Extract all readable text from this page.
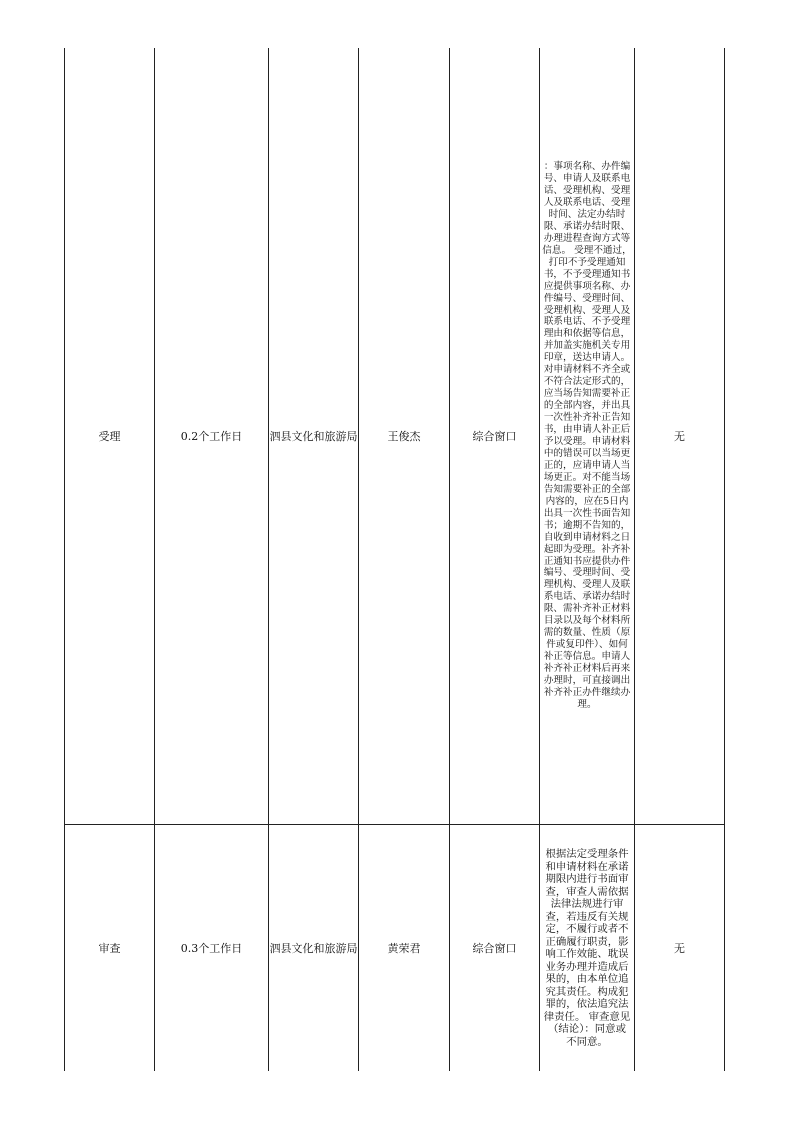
受理	0.2个工作日	泗县文化和旅游局	王俊杰	综合窗口	：事项名称、办件编号、申请人及联系电话、受理机构、受理人及联系电话、受理时间、法定办结时限、承诺办结时限、办理进程查询方式等信息。 受理不通过，打印不予受理通知书，不予受理通知书应提供事项名称、办件编号、受理时间、受理机构、受理人及联系电话、不予受理理由和依据等信息，并加盖实施机关专用印章，送达申请人。 对申请材料不齐全或不符合法定形式的，应当场告知需要补正的全部内容，并出具一次性补齐补正告知书，由申请人补正后予以受理。申请材料中的错误可以当场更正的，应请申请人当场更正。对不能当场告知需要补正的全部内容的，应在5日内出具一次性书面告知书；逾期不告知的，自收到申请材料之日起即为受理。补齐补正通知书应提供办件编号、受理时间、受理机构、受理人及联系电话、承诺办结时限、需补齐补正材料目录以及每个材料所需的数量、性质（原件或复印件）、如何补正等信息。申请人补齐补正材料后再来办理时，可直接调出补齐补正办件继续办理。	无
审查	0.3个工作日	泗县文化和旅游局	黄荣君	综合窗口	根据法定受理条件和申请材料在承诺期限内进行书面审查，审查人需依据法律法规进行审查，若违反有关规定，不履行或者不正确履行职责，影响工作效能、耽误业务办理并造成后果的，由本单位追究其责任。构成犯罪的，依法追究法律责任。 审查意见（结论）：同意或不同意。	无
